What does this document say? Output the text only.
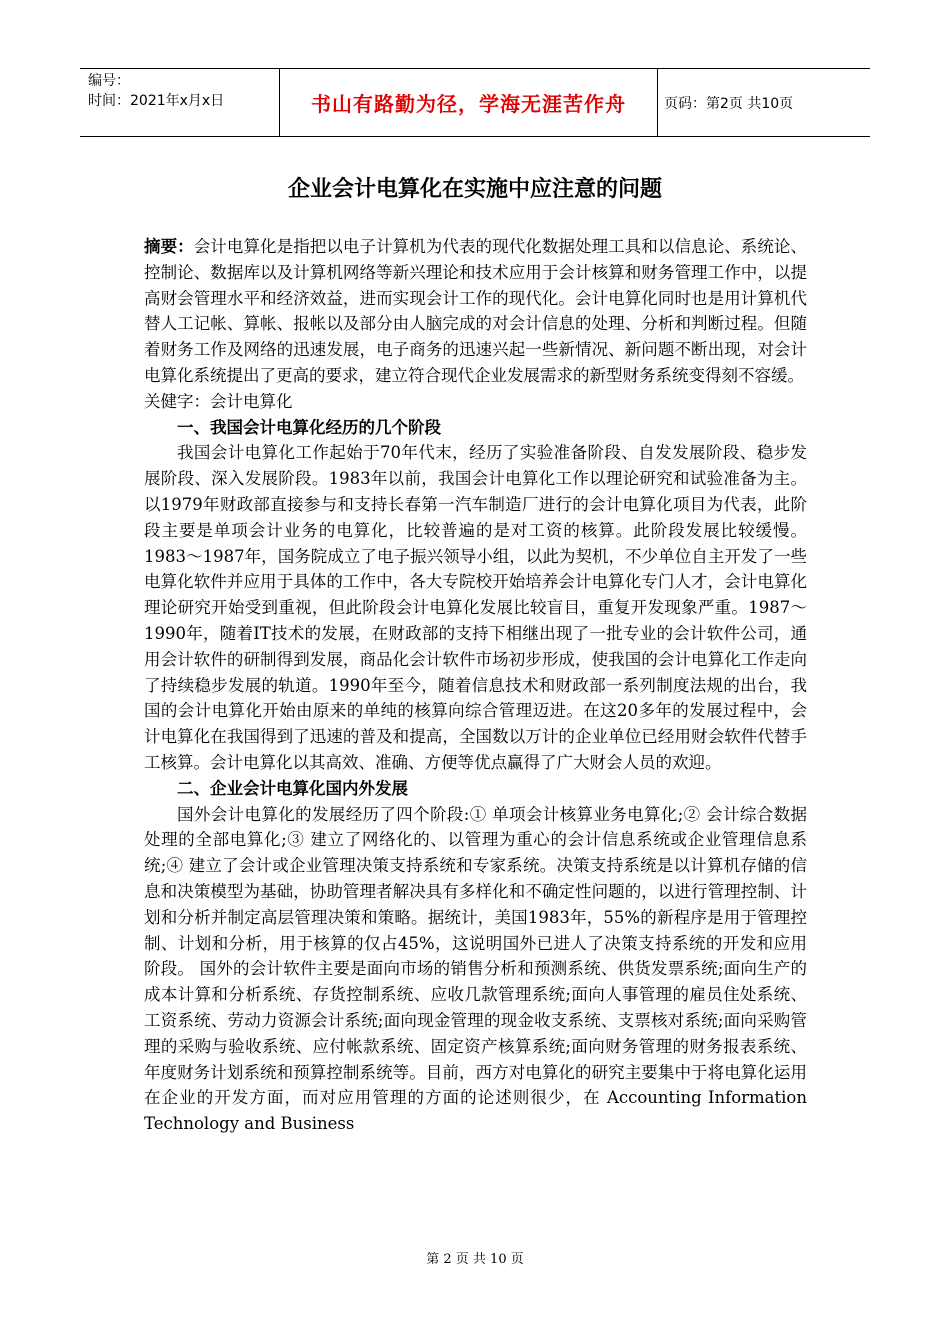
编号：
时间：2021年x月x日	书山有路勤为径，学海无涯苦作舟	页码：第2页 共10页
企业会计电算化在实施中应注意的问题

摘要：会计电算化是指把以电子计算机为代表的现代化数据处理工具和以信息论、系统论、控制论、数据库以及计算机网络等新兴理论和技术应用于会计核算和财务管理工作中，以提高财会管理水平和经济效益，进而实现会计工作的现代化。会计电算化同时也是用计算机代替人工记帐、算帐、报帐以及部分由人脑完成的对会计信息的处理、分析和判断过程。但随着财务工作及网络的迅速发展，电子商务的迅速兴起一些新情况、新问题不断出现，对会计电算化系统提出了更高的要求，建立符合现代企业发展需求的新型财务系统变得刻不容缓。

关健字：会计电算化

一、我国会计电算化经历的几个阶段

我国会计电算化工作起始于70年代末，经历了实验准备阶段、自发发展阶段、稳步发展阶段、深入发展阶段。1983年以前，我国会计电算化工作以理论研究和试验准备为主。以1979年财政部直接参与和支持长春第一汽车制造厂进行的会计电算化项目为代表，此阶段主要是单项会计业务的电算化，比较普遍的是对工资的核算。此阶段发展比较缓慢。1983～1987年，国务院成立了电子振兴领导小组，以此为契机，不少单位自主开发了一些电算化软件并应用于具体的工作中，各大专院校开始培养会计电算化专门人才，会计电算化理论研究开始受到重视，但此阶段会计电算化发展比较盲目，重复开发现象严重。1987～1990年，随着IT技术的发展，在财政部的支持下相继出现了一批专业的会计软件公司，通用会计软件的研制得到发展，商品化会计软件市场初步形成，使我国的会计电算化工作走向了持续稳步发展的轨道。1990年至今，随着信息技术和财政部一系列制度法规的出台，我国的会计电算化开始由原来的单纯的核算向综合管理迈进。在这20多年的发展过程中，会计电算化在我国得到了迅速的普及和提高，全国数以万计的企业单位已经用财会软件代替手工核算。会计电算化以其高效、准确、方便等优点赢得了广大财会人员的欢迎。

二、企业会计电算化国内外发展

国外会计电算化的发展经历了四个阶段:① 单项会计核算业务电算化;② 会计综合数据处理的全部电算化;③ 建立了网络化的、以管理为重心的会计信息系统或企业管理信息系统;④ 建立了会计或企业管理决策支持系统和专家系统。决策支持系统是以计算机存储的信息和决策模型为基础，协助管理者解决具有多样化和不确定性问题的，以进行管理控制、计划和分析并制定高层管理决策和策略。据统计，美国1983年，55%的新程序是用于管理控制、计划和分析，用于核算的仅占45%，这说明国外已进人了决策支持系统的开发和应用阶段。 国外的会计软件主要是面向市场的销售分析和预测系统、供货发票系统;面向生产的成本计算和分析系统、存货控制系统、应收几款管理系统;面向人事管理的雇员住处系统、工资系统、劳动力资源会计系统;面向现金管理的现金收支系统、支票核对系统;面向采购管理的采购与验收系统、应付帐款系统、固定资产核算系统;面向财务管理的财务报表系统、年度财务计划系统和预算控制系统等。目前，西方对电算化的研究主要集中于将电算化运用在企业的开发方面，而对应用管理的方面的论述则很少，在 Accounting Information Technology and Business

第 2 页 共 10 页
